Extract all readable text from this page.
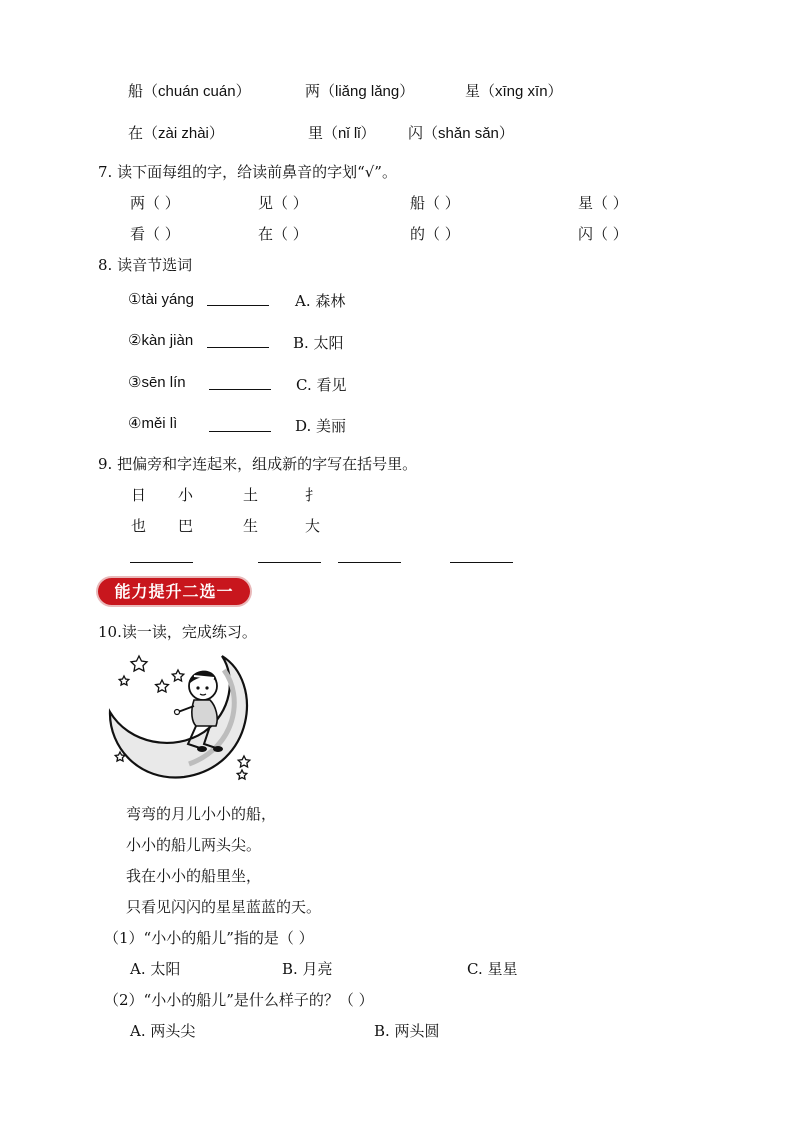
船（chuán cuán）	两（liǎng lǎng）	星（xīng xīn）
在（zài zhài）	里（nǐ lǐ） 闪（shǎn sǎn）
7. 读下面每组的字，给读前鼻音的字划“√”。
两（ ）	见（ ）	船（ ）	星（ ）
看（ ）	在（ ）	的（ ）	闪（ ）
8. 读音节选词
①tài yáng	A. 森林
②kàn jiàn	B. 太阳
③sēn lín	C. 看见
④měi lì	D. 美丽
9. 把偏旁和字连起来，组成新的字写在括号里。
日 小	土	扌
也 巴	生	大
能力提升二选一
10.读一读，完成练习。
弯弯的月儿小小的船，
小小的船儿两头尖。
我在小小的船里坐，
只看见闪闪的星星蓝蓝的天。
（1）“小小的船儿”指的是（ ）
A. 太阳	B. 月亮	C. 星星
（2）“小小的船儿”是什么样子的？（ ）
A. 两头尖	B. 两头圆
